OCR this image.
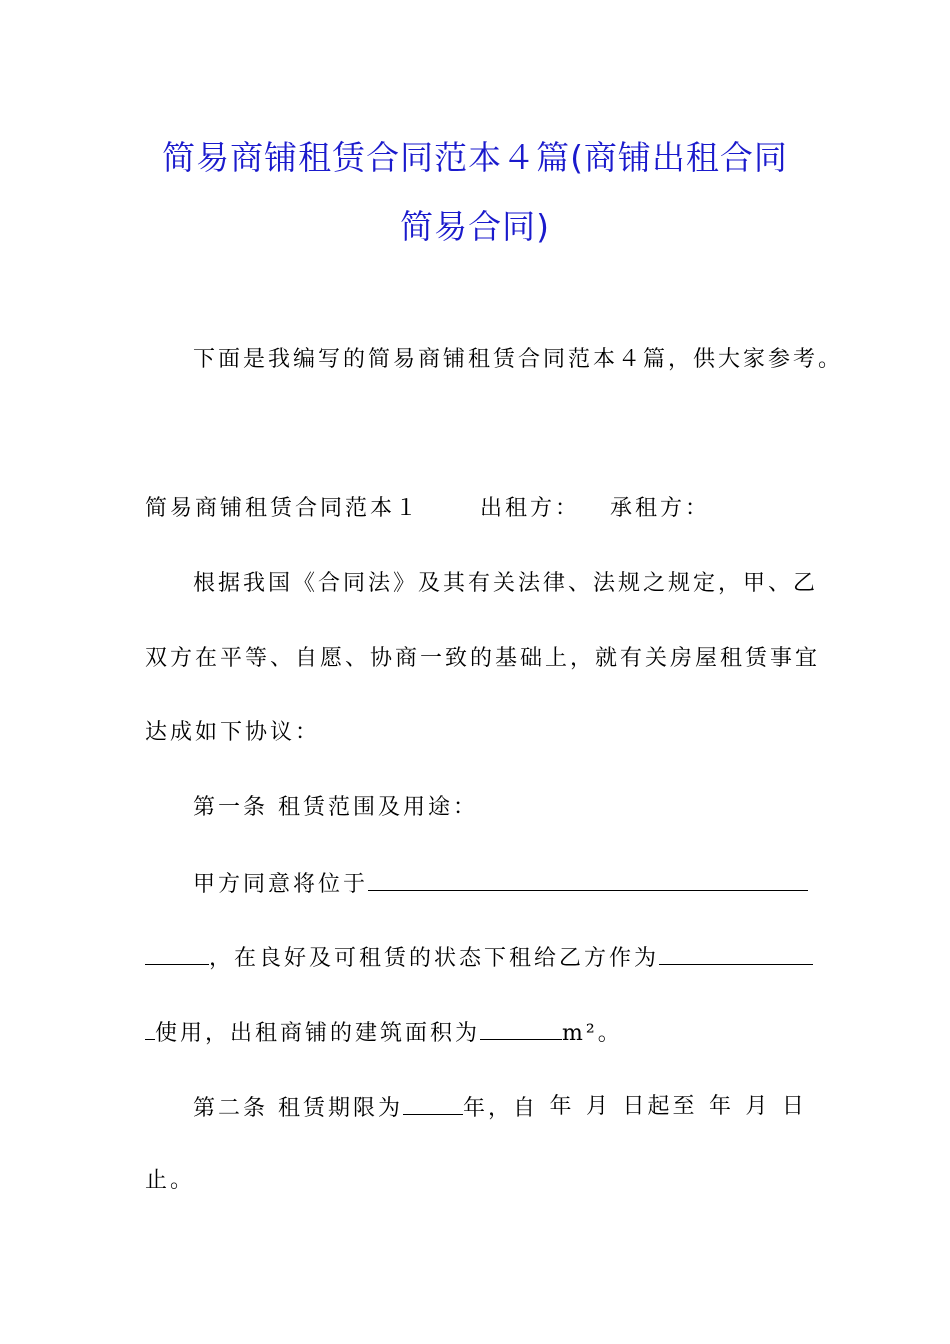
简易商铺租赁合同范本４篇(商铺出租合同
简易合同)
下面是我编写的简易商铺租赁合同范本４篇，供大家参考。
简易商铺租赁合同范本１	出租方： 承租方：
根据我国《合同法》及其有关法律、法规之规定，甲、乙
双方在平等、自愿、协商一致的基础上，就有关房屋租赁事宜
达成如下协议：
第一条 租赁范围及用途：
甲方同意将位于
，在良好及可租赁的状态下租给乙方作为
使用，出租商铺的建筑面积为	m²。
第二条 租赁期限为	年，自 年 月 日起至 年 月 日
止。
